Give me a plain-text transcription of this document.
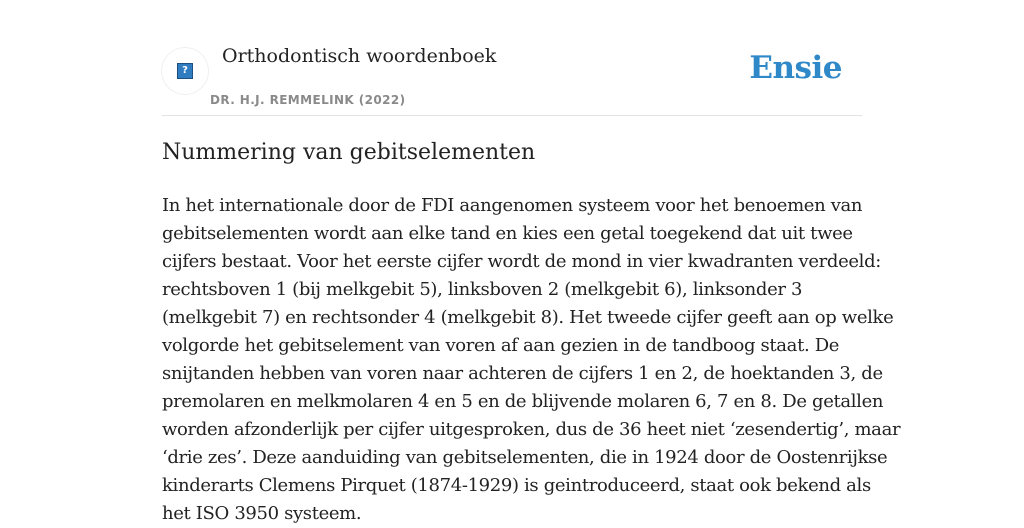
?
Orthodontisch woordenboek
DR. H.J. REMMELINK (2022)
Ensie
Nummering van gebitselementen

In het internationale door de FDI aangenomen systeem voor het benoemen van
gebitselementen wordt aan elke tand en kies een getal toegekend dat uit twee
cijfers bestaat. Voor het eerste cijfer wordt de mond in vier kwadranten verdeeld:
rechtsboven 1 (bij melkgebit 5), linksboven 2 (melkgebit 6), linksonder 3
(melkgebit 7) en rechtsonder 4 (melkgebit 8). Het tweede cijfer geeft aan op welke
volgorde het gebitselement van voren af aan gezien in de tandboog staat. De
snijtanden hebben van voren naar achteren de cijfers 1 en 2, de hoektanden 3, de
premolaren en melkmolaren 4 en 5 en de blijvende molaren 6, 7 en 8. De getallen
worden afzonderlijk per cijfer uitgesproken, dus de 36 heet niet ‘zesendertig’, maar
‘drie zes’. Deze aanduiding van gebitselementen, die in 1924 door de Oostenrijkse
kinderarts Clemens Pirquet (1874-1929) is geintroduceerd, staat ook bekend als
het ISO 3950 systeem.
